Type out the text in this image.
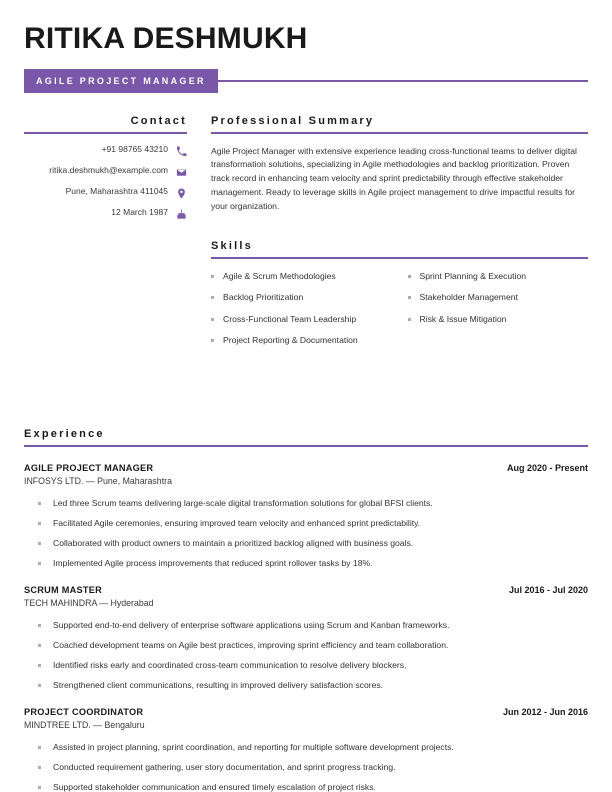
RITIKA DESHMUKH
AGILE PROJECT MANAGER
Contact
+91 98765 43210
ritika.deshmukh@example.com
Pune, Maharashtra 411045
12 March 1987
Professional Summary

Agile Project Manager with extensive experience leading cross-functional teams to deliver digital transformation solutions, specializing in Agile methodologies and backlog prioritization. Proven track record in enhancing team velocity and sprint predictability through effective stakeholder management. Ready to leverage skills in Agile project management to drive impactful results for your organization.

Skills
Agile & Scrum Methodologies
Backlog Prioritization
Cross-Functional Team Leadership
Project Reporting & Documentation
Sprint Planning & Execution
Stakeholder Management
Risk & Issue Mitigation
Experience
AGILE PROJECT MANAGER	Aug 2020 - Present
INFOSYS LTD. — Pune, Maharashtra
Led three Scrum teams delivering large-scale digital transformation solutions for global BFSI clients.
Facilitated Agile ceremonies, ensuring improved team velocity and enhanced sprint predictability.
Collaborated with product owners to maintain a prioritized backlog aligned with business goals.
Implemented Agile process improvements that reduced sprint rollover tasks by 18%.
SCRUM MASTER	Jul 2016 - Jul 2020
TECH MAHINDRA — Hyderabad
Supported end-to-end delivery of enterprise software applications using Scrum and Kanban frameworks.
Coached development teams on Agile best practices, improving sprint efficiency and team collaboration.
Identified risks early and coordinated cross-team communication to resolve delivery blockers.
Strengthened client communications, resulting in improved delivery satisfaction scores.
PROJECT COORDINATOR	Jun 2012 - Jun 2016
MINDTREE LTD. — Bengaluru
Assisted in project planning, sprint coordination, and reporting for multiple software development projects.
Conducted requirement gathering, user story documentation, and sprint progress tracking.
Supported stakeholder communication and ensured timely escalation of project risks.
